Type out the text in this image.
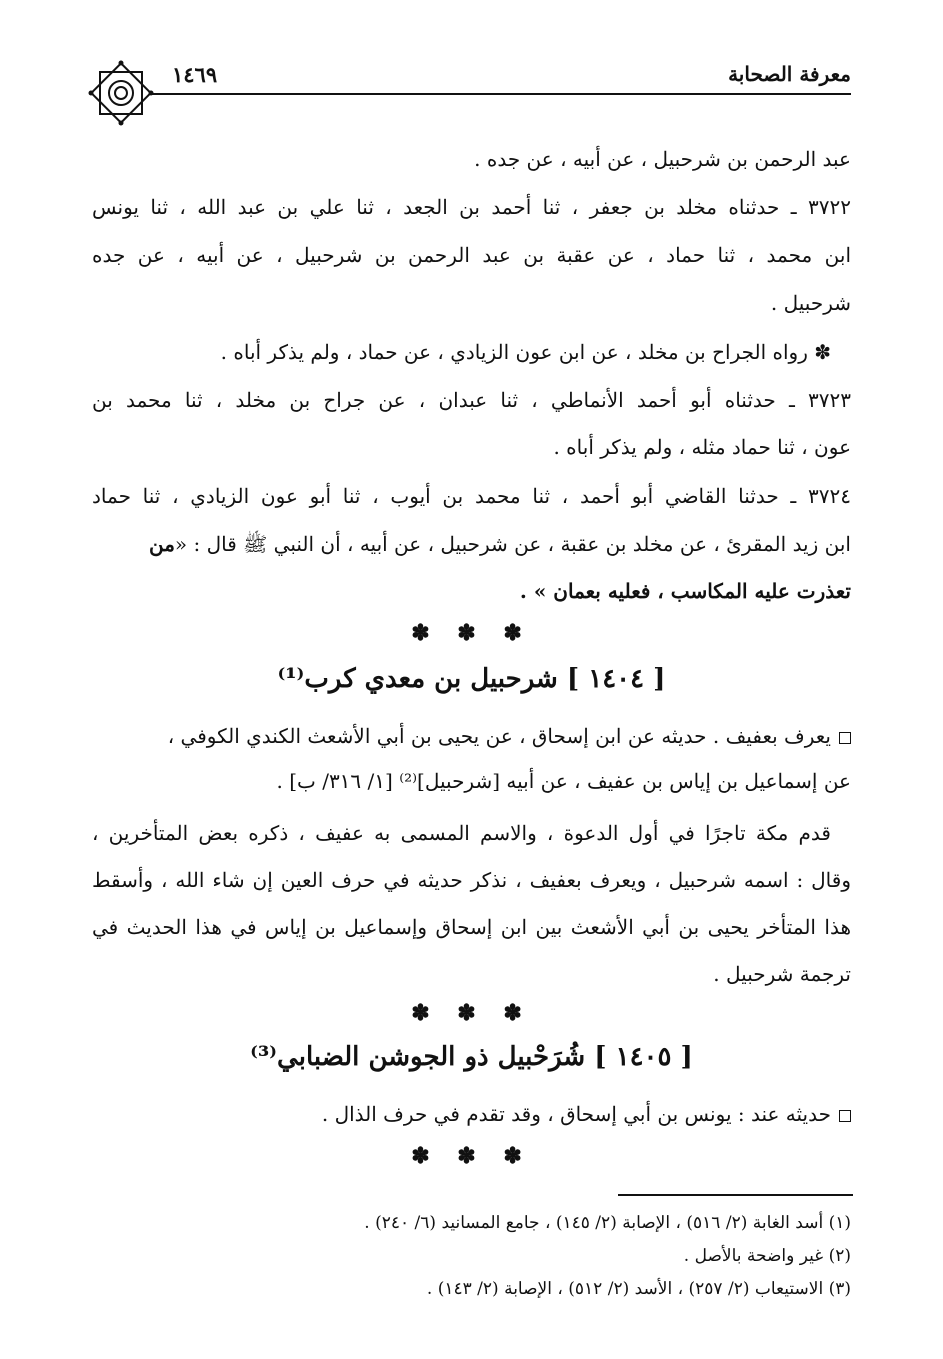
معرفة الصحابة
١٤٦٩
عبد الرحمن بن شرحبيل ، عن أبيه ، عن جده .
٣٧٢٢ ـ حدثناه مخلد بن جعفر ، ثنا أحمد بن الجعد ، ثنا علي بن عبد الله ، ثنا يونس
ابن محمد ، ثنا حماد ، عن عقبة بن عبد الرحمن بن شرحبيل ، عن أبيه ، عن جده
شرحبيل .
✽ رواه الجراح بن مخلد ، عن ابن عون الزيادي ، عن حماد ، ولم يذكر أباه .
٣٧٢٣ ـ حدثناه أبو أحمد الأنماطي ، ثنا عبدان ، عن جراح بن مخلد ، ثنا محمد بن
عون ، ثنا حماد مثله ، ولم يذكر أباه .
٣٧٢٤ ـ حدثنا القاضي أبو أحمد ، ثنا محمد بن أيوب ، ثنا أبو عون الزيادي ، ثنا حماد
ابن زيد المقرئ ، عن مخلد بن عقبة ، عن شرحبيل ، عن أبيه ، أن النبي ﷺ قال : «من
تعذرت عليه المكاسب ، فعليه بعمان » .
✽ ✽ ✽
[ ١٤٠٤ ] شرحبيل بن معدي كرب⁽¹⁾
يعرف بعفيف . حديثه عن ابن إسحاق ، عن يحيى بن أبي الأشعث الكندي الكوفي ،
عن إسماعيل بن إياس بن عفيف ، عن أبيه [شرحبيل]⁽²⁾ [١/ ٣١٦/ ب] .
قدم مكة تاجرًا في أول الدعوة ، والاسم المسمى به عفيف ، ذكره بعض المتأخرين ،
وقال : اسمه شرحبيل ، ويعرف بعفيف ، نذكر حديثه في حرف العين إن شاء الله ، وأسقط
هذا المتأخر يحيى بن أبي الأشعث بين ابن إسحاق وإسماعيل بن إياس في هذا الحديث في
ترجمة شرحبيل .
✽ ✽ ✽
[ ١٤٠٥ ] شُرَحْبيل ذو الجوشن الضبابي⁽³⁾
حديثه عند : يونس بن أبي إسحاق ، وقد تقدم في حرف الذال .
✽ ✽ ✽
(١) أسد الغابة (٢/ ٥١٦) ، الإصابة (٢/ ١٤٥) ، جامع المسانيد (٦/ ٢٤٠) .
(٢) غير واضحة بالأصل .
(٣) الاستيعاب (٢/ ٢٥٧) ، الأسد (٢/ ٥١٢) ، الإصابة (٢/ ١٤٣) .
